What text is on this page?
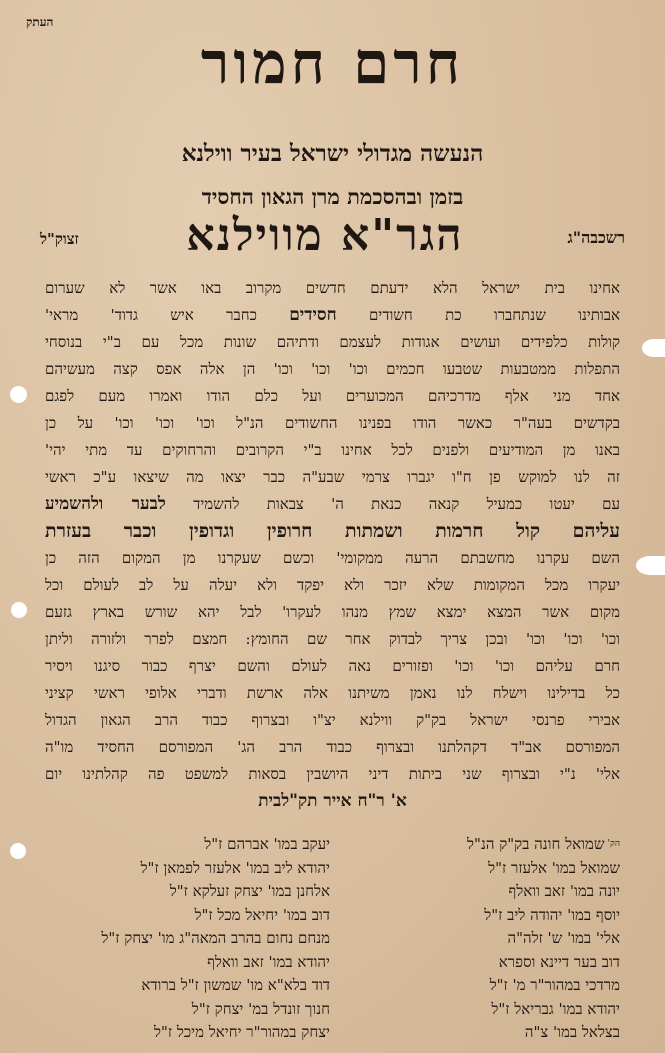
העתק
חרם חמור
הנעשה מגדולי ישראל בעיר ווילנא
בזמן ובהסכמת מרן הגאון החסיד
רשכבה"ג
הגר"א מווילנא
זצוק"ל
אחינו בית ישראל הלא ידעתם חדשים מקרוב באו אשר לא שערום
אבותינו שנתחברו כת חשודים חסידים כחבר איש גדוד' מראי'
קולות כלפידים ועושים אגודות לעצמם ודתיהם שונות מכל עם ב"י בנוסחי
התפלות ממטבעות שטבעו חכמים וכו' וכו' וכו' הן אלה אפס קצה מעשיהם
אחד מני אלף מדרכיהם המכוערים ועל כלם הודו ואמרו מעם לפגם
בקדשים בעה"ר כאשר הודו בפנינו החשודים הנ"ל וכו' וכו' וכו' על כן
באנו מן המודיעים ולפנים לכל אחינו ב"י הקרובים והרחוקים עד מתי יהי'
זה לנו למוקש פן ח"ו יגברו צרמי שבע"ה כבר יצאו מה שיצאו ע"כ ראשי
עם יעטו כמעיל קנאה כנאת ה' צבאות להשמיד לבער ולהשמיע
עליהם קול חרמות ושמתות חרופין וגדופין וכבר בעזרת
השם עקרנו מחשבתם הרעה ממקומי' וכשם שעקרנו מן המקום הזה כן
יעקרו מכל המקומות שלא יזכר ולא יפקד ולא יעלה על לב לעולם וכל
מקום אשר המצא ימצא שמץ מנהו לעקרו' לבל יהא שורש בארץ גזעם
וכו' וכו' וכו' ובכן צריך לבדוק אחר שם החומץ: חמצם לפרר ולזורה וליתן
חרם עליהם וכו' וכו' ופזורים נאה לעולם והשם יצרף כבור סיגנו ויסיר
כל בדילינו וישלח לנו נאמן משיתנו אלה ארשת ודברי אלופי ראשי קציני
אבירי פרנסי ישראל בק"ק ווילנא יצ"ו ובצרוף כבוד הרב הגאון הגדול
המפורסם אב"ד דקהלתנו ובצרוף כבוד הרב הג' המפורסם החסיד מו"ה
אלי' נ"י ובצרוף שני ביתות דיני היושבין בסאות למשפט פה קהלתינו יום
א' ר"ח אייר תק"לבית
$^{הק'}$שמואל חונה בק"ק הנ"ל
שמואל במו' אלעזר ז"ל
יונה במו' זאב וואלף
יוסף במו' יהודה ליב ז"ל
אלי' במו' ש' זלה"ה
דוב בער דיינא וספרא
מרדכי במהור"ר מ' ז"ל
יהודא במו' גבריאל ז"ל
בצלאל במו' צ"ה
יעקב במו' אברהם ז"ל
יהודא ליב במו' אלעזר לפמאן ז"ל
אלחנן במו' יצחק זעלקא ז"ל
דוב במו' יחיאל מכל ז"ל
מנחם נחום בהרב המאה"ג מו' יצחק ז"ל
יהודא במו' זאב וואלף
דוד בלא"א מו' שמשון ז"ל ברודא
חנוך זונדל במ' יצחק ז"ל
יצחק במהור"ר יחיאל מיכל ז"ל
